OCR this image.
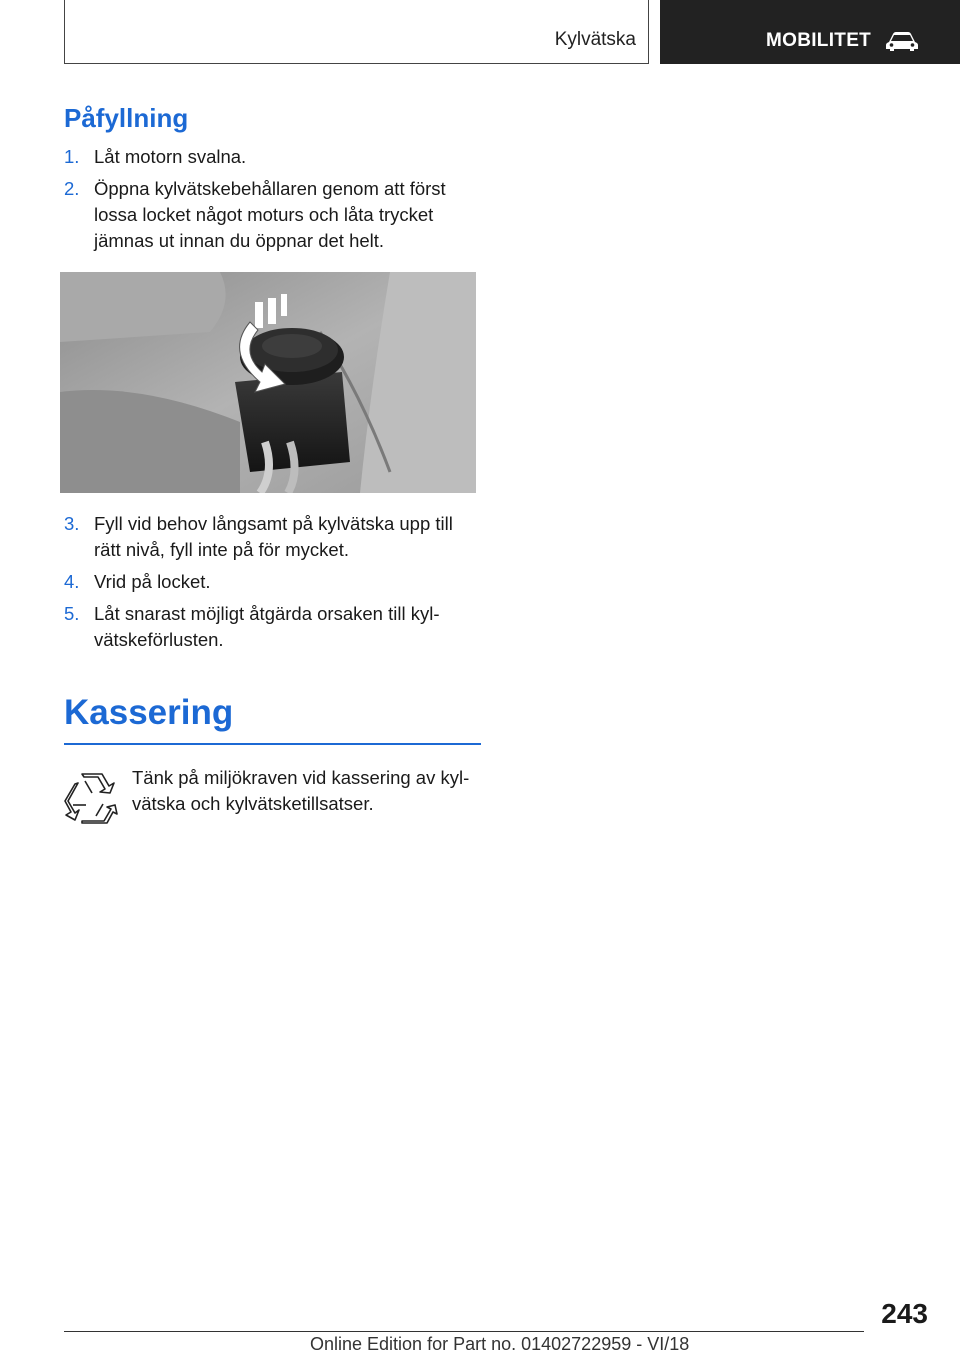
Kylvätska	MOBILITET
Påfyllning
1. Låt motorn svalna.
2. Öppna kylvätskebehållaren genom att först lossa locket något moturs och låta trycket jämnas ut innan du öppnar det helt.
3. Fyll vid behov långsamt på kylvätska upp till rätt nivå, fyll inte på för mycket.
4. Vrid på locket.
5. Låt snarast möjligt åtgärda orsaken till kyl- vätskeförlusten.
Kassering
Tänk på miljökraven vid kassering av kyl- vätska och kylvätsketillsatser.
243
Online Edition for Part no. 01402722959 - VI/18
